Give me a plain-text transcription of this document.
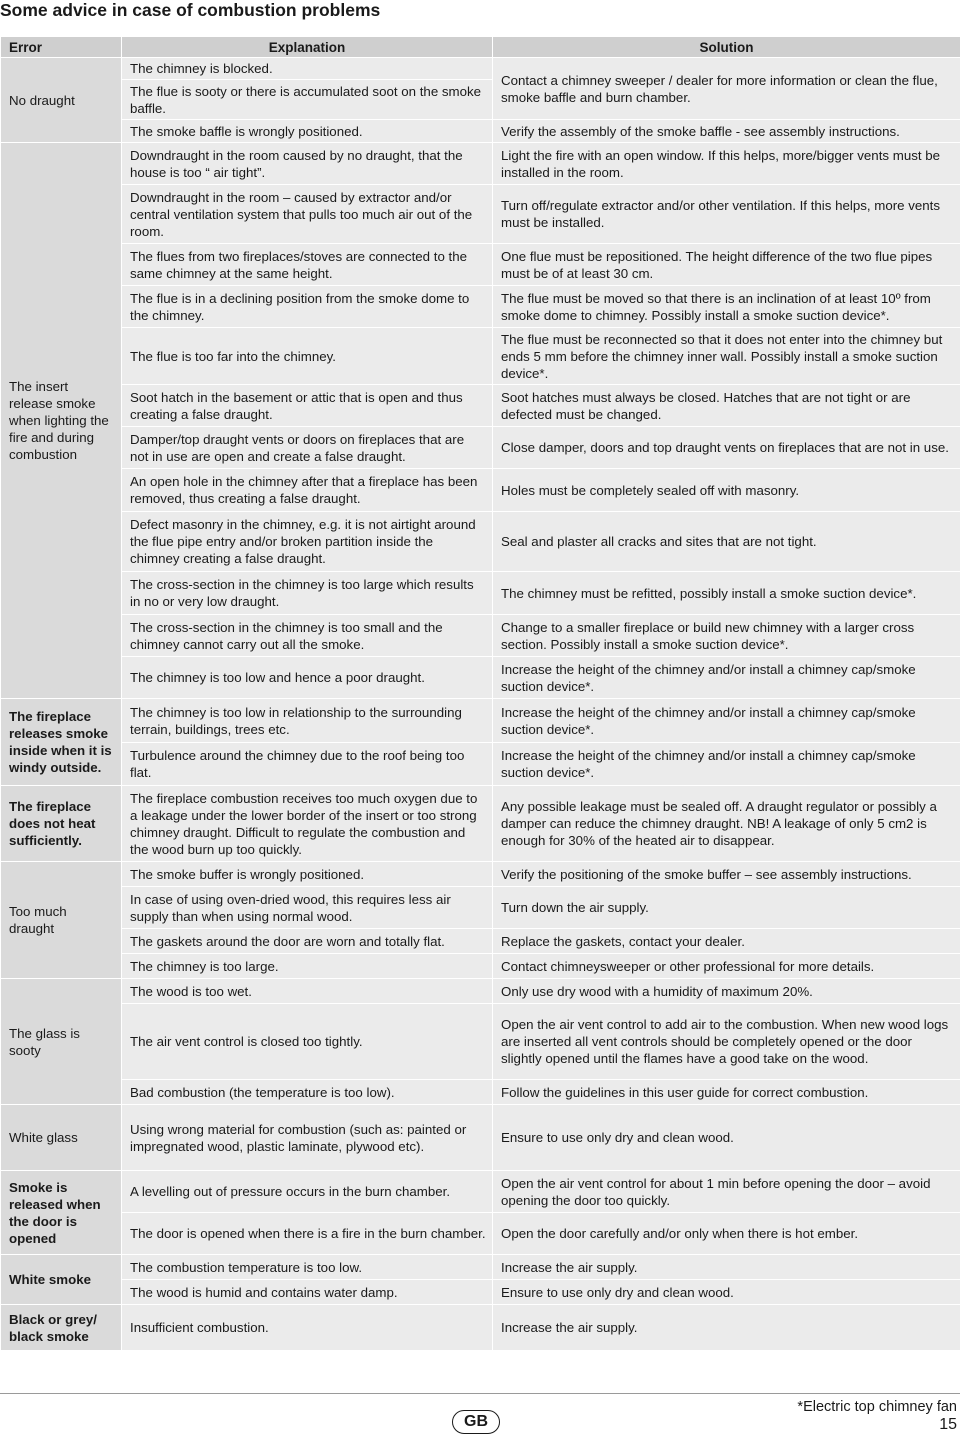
Some advice in case of combustion problems
Error	Explanation	Solution
No draught	The chimney is blocked.	Contact a chimney sweeper / dealer for more information or clean the flue, smoke baffle and burn chamber.
	The flue is sooty or there is accumulated soot on the smoke baffle.	
	The smoke baffle is wrongly positioned.	Verify the assembly of the smoke baffle - see assembly instructions.
The insert release smoke when lighting the fire and during combustion	Downdraught in the room caused by no draught, that the house is too “ air tight”.	Light the fire with an open window. If this helps, more/bigger vents must be installed in the room.
	Downdraught in the room – caused by extractor and/or central ventilation system that pulls too much air out of the room.	Turn off/regulate extractor and/or other ventilation. If this helps, more vents must be installed.
	The flues from two fireplaces/stoves are connected to the same chimney at the same height.	One flue must be repositioned. The height difference of the two flue pipes must be of at least 30 cm.
	The flue is in a declining position from the smoke dome to the chimney.	The flue must be moved so that there is an inclination of at least 10º from smoke dome to chimney. Possibly install a smoke suction device*.
	The flue is too far into the chimney.	The flue must be reconnected so that it does not enter into the chimney but ends 5 mm before the chimney inner wall. Possibly install a smoke suction device*.
	Soot hatch in the basement or attic that is open and thus creating a false draught.	Soot hatches must always be closed. Hatches that are not tight or are defected must be changed.
	Damper/top draught vents or doors on fireplaces that are not in use are open and create a false draught.	Close damper, doors and top draught vents on fireplaces that are not in use.
	An open hole in the chimney after that a fireplace has been removed, thus creating a false draught.	Holes must be completely sealed off with masonry.
	Defect masonry in the chimney, e.g. it is not airtight around the flue pipe entry and/or broken partition inside the chimney creating a false draught.	Seal and plaster all cracks and sites that are not tight.
	The cross-section in the chimney is too large which results in no or very low draught.	The chimney must be refitted, possibly install a smoke suction device*.
	The cross-section in the chimney is too small and the chimney cannot carry out all the smoke.	Change to a smaller fireplace or build new chimney with a larger cross section. Possibly install a smoke suction device*.
	The chimney is too low and hence a poor draught.	Increase the height of the chimney and/or install a chimney cap/smoke suction device*.
The fireplace releases smoke inside when it is windy outside.	The chimney is too low in relationship to the surrounding terrain, buildings, trees etc.	Increase the height of the chimney and/or install a chimney cap/smoke suction device*.
	Turbulence around the chimney due to the roof being too flat.	Increase the height of the chimney and/or install a chimney cap/smoke suction device*.
The fireplace does not heat sufficiently.	The fireplace combustion receives too much oxygen due to a leakage under the lower border of the insert or too strong chimney draught. Difficult to regulate the combustion and the wood burn up too quickly.	Any possible leakage must be sealed off. A draught regulator or possibly a damper can reduce the chimney draught. NB! A leakage of only 5 cm2 is enough for 30% of the heated air to disappear.
Too much draught	The smoke buffer is wrongly positioned.	Verify the positioning of the smoke buffer – see assembly instructions.
	In case of using oven-dried wood, this requires less air supply than when using normal wood.	Turn down the air supply.
	The gaskets around the door are worn and totally flat.	Replace the gaskets, contact your dealer.
	The chimney is too large.	Contact chimneysweeper or other professional for more details.
The glass is sooty	The wood is too wet.	Only use dry wood with a humidity of maximum 20%.
	The air vent control is closed too tightly.	Open the air vent control to add air to the combustion. When new wood logs are inserted all vent controls should be completely opened or the door slightly opened until the flames have a good take on the wood.
	Bad combustion (the temperature is too low).	Follow the guidelines in this user guide for correct combustion.
White glass	Using wrong material for combustion (such as: painted or impregnated wood, plastic laminate, plywood etc).	Ensure to use only dry and clean wood.
Smoke is released when the door is opened	A levelling out of pressure occurs in the burn chamber.	Open the air vent control for about 1 min before opening the door – avoid opening the door too quickly.
	The door is opened when there is a fire in the burn chamber.	Open the door carefully and/or only when there is hot ember.
White smoke	The combustion temperature is too low.	Increase the air supply.
	The wood is humid and contains water damp.	Ensure to use only dry and clean wood.
Black or grey/ black smoke	Insufficient combustion.	Increase the air supply.
GB
*Electric top chimney fan
15
